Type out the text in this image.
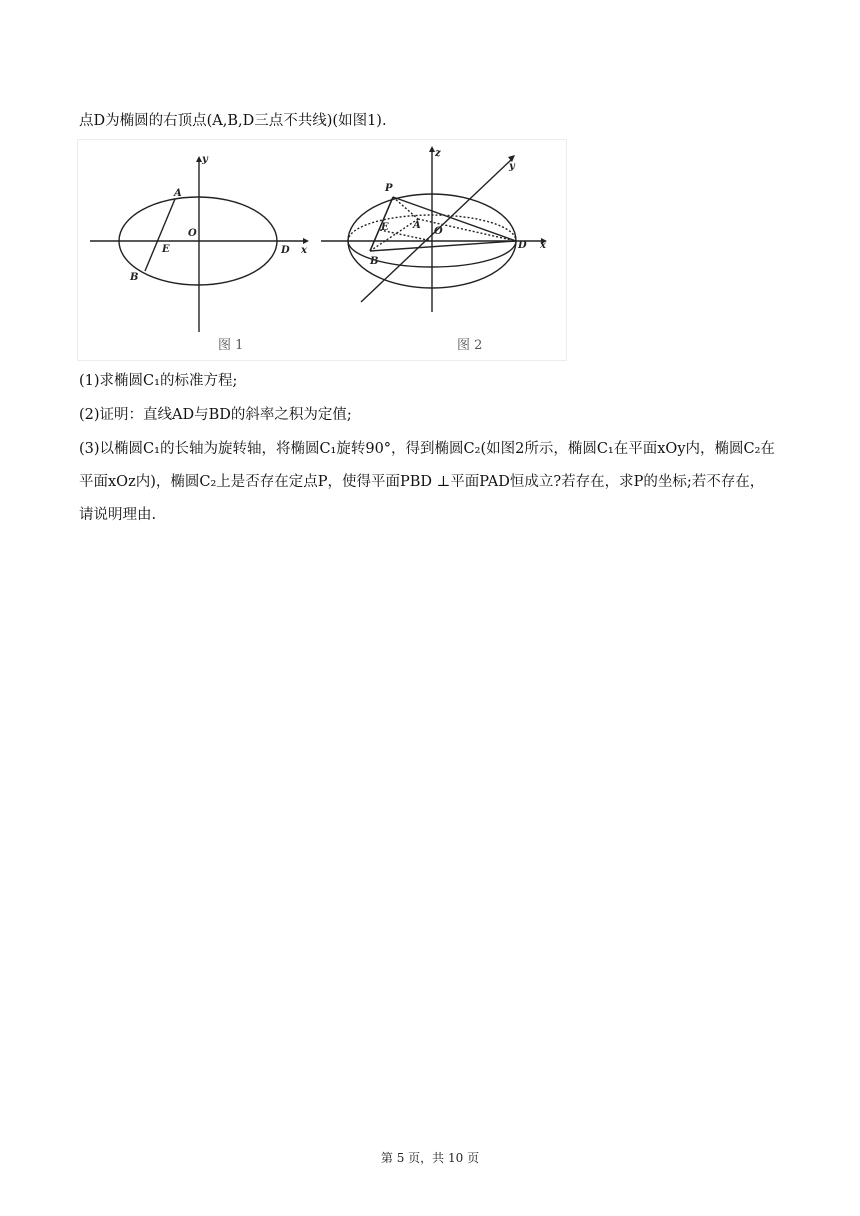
点D为椭圆的右顶点(A,B,D三点不共线)(如图1).
y
x
A
O
E	D
B
图 1
z
y
x
P
A
O
E
D
B
图 2
(1)求椭圆C₁的标准方程;
(2)证明：直线AD与BD的斜率之积为定值;
(3)以椭圆C₁的长轴为旋转轴，将椭圆C₁旋转90°，得到椭圆C₂(如图2所示，椭圆C₁在平面xOy内，椭圆C₂在
平面xOz内)，椭圆C₂上是否存在定点P，使得平面PBD ⊥平面PAD恒成立?若存在，求P的坐标;若不存在，
请说明理由.
第 5 页，共 10 页
